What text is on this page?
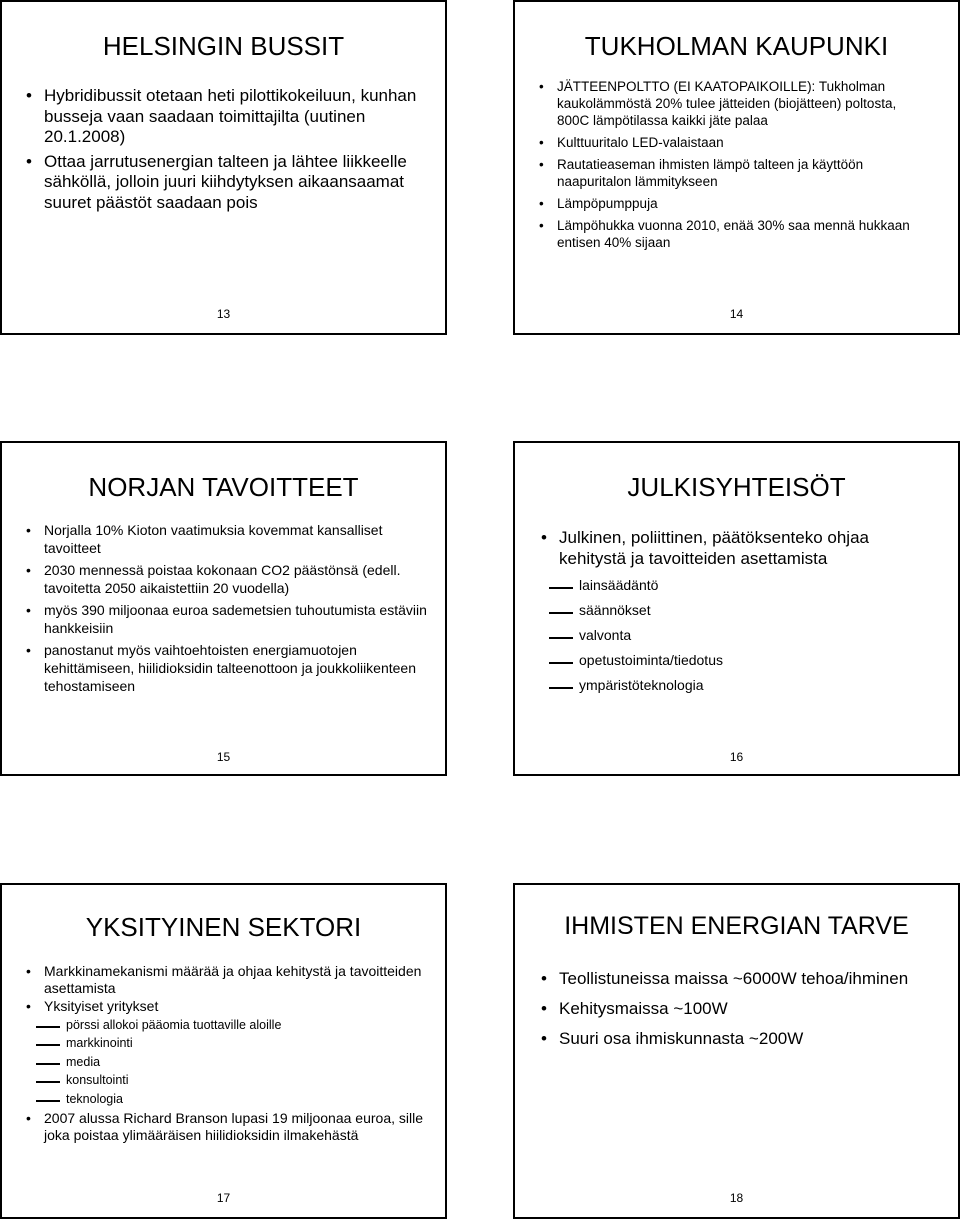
HELSINGIN BUSSIT
• Hybridibussit otetaan heti pilottikokeiluun, kunhan busseja vaan saadaan toimittajilta (uutinen 20.1.2008)
• Ottaa jarrutusenergian talteen ja lähtee liikkeelle sähköllä, jolloin juuri kiihdytyksen aikaansaamat suuret päästöt saadaan pois
13
TUKHOLMAN KAUPUNKI
• JÄTTEENPOLTTO (EI KAATOPAIKOILLE): Tukholman kaukolämmöstä 20% tulee jätteiden (biojätteen) poltosta, 800C lämpötilassa kaikki jäte palaa
• Kulttuuritalo LED-valaistaan
• Rautatieaseman ihmisten lämpö talteen ja käyttöön naapuritalon lämmitykseen
• Lämpöpumppuja
• Lämpöhukka vuonna 2010, enää 30% saa mennä hukkaan entisen 40% sijaan
14
NORJAN TAVOITTEET
• Norjalla 10% Kioton vaatimuksia kovemmat kansalliset tavoitteet
• 2030 mennessä poistaa kokonaan CO2 päästönsä (edell. tavoitetta 2050 aikaistettiin 20 vuodella)
• myös 390 miljoonaa euroa sademetsien tuhoutumista estäviin hankkeisiin
• panostanut myös vaihtoehtoisten energiamuotojen kehittämiseen, hiilidioksidin talteenottoon ja joukkoliikenteen tehostamiseen
15
JULKISYHTEISÖT
• Julkinen, poliittinen, päätöksenteko ohjaa kehitystä ja tavoitteiden asettamista
lainsäädäntö
säännökset
valvonta
opetustoiminta/tiedotus
ympäristöteknologia
16
YKSITYINEN SEKTORI
• Markkinamekanismi määrää ja ohjaa kehitystä ja tavoitteiden asettamista
• Yksityiset yritykset
pörssi allokoi pääomia tuottaville aloille
markkinointi
media
konsultointi
teknologia
• 2007 alussa Richard Branson lupasi 19 miljoonaa euroa, sille joka poistaa ylimääräisen hiilidioksidin ilmakehästä
17
IHMISTEN ENERGIAN TARVE
• Teollistuneissa maissa ~6000W tehoa/ihminen
• Kehitysmaissa ~100W
• Suuri osa ihmiskunnasta ~200W
18
